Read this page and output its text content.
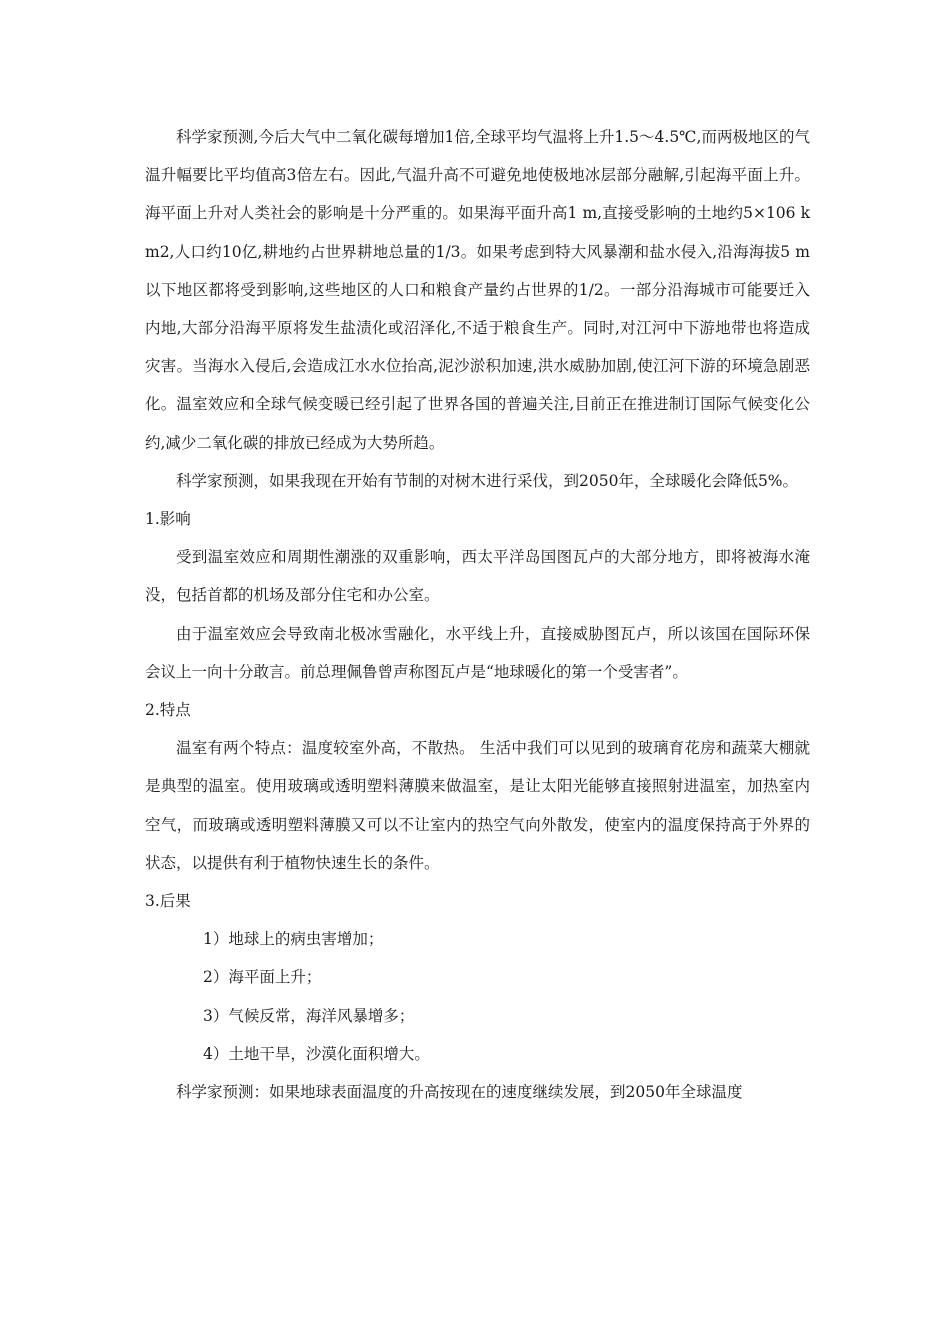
科学家预测,今后大气中二氧化碳每增加1倍,全球平均气温将上升1.5～4.5℃,而两极地区的气温升幅要比平均值高3倍左右。因此,气温升高不可避免地使极地冰层部分融解,引起海平面上升。海平面上升对人类社会的影响是十分严重的。如果海平面升高1 m,直接受影响的土地约5×106 km2,人口约10亿,耕地约占世界耕地总量的1/3。如果考虑到特大风暴潮和盐水侵入,沿海海拔5 m以下地区都将受到影响,这些地区的人口和粮食产量约占世界的1/2。一部分沿海城市可能要迁入内地,大部分沿海平原将发生盐渍化或沼泽化,不适于粮食生产。同时,对江河中下游地带也将造成灾害。当海水入侵后,会造成江水水位抬高,泥沙淤积加速,洪水威胁加剧,使江河下游的环境急剧恶化。温室效应和全球气候变暖已经引起了世界各国的普遍关注,目前正在推进制订国际气候变化公约,减少二氧化碳的排放已经成为大势所趋。

科学家预测，如果我现在开始有节制的对树木进行采伐，到2050年，全球暖化会降低5%。

1.影响

受到温室效应和周期性潮涨的双重影响，西太平洋岛国图瓦卢的大部分地方，即将被海水淹没，包括首都的机场及部分住宅和办公室。

由于温室效应会导致南北极冰雪融化，水平线上升，直接威胁图瓦卢，所以该国在国际环保会议上一向十分敢言。前总理佩鲁曾声称图瓦卢是“地球暖化的第一个受害者”。

2.特点

温室有两个特点：温度较室外高，不散热。 生活中我们可以见到的玻璃育花房和蔬菜大棚就是典型的温室。使用玻璃或透明塑料薄膜来做温室，是让太阳光能够直接照射进温室，加热室内空气，而玻璃或透明塑料薄膜又可以不让室内的热空气向外散发，使室内的温度保持高于外界的状态，以提供有利于植物快速生长的条件。

3.后果

1）地球上的病虫害增加；

2）海平面上升；

3）气候反常，海洋风暴增多；

4）土地干旱，沙漠化面积增大。

科学家预测：如果地球表面温度的升高按现在的速度继续发展，到2050年全球温度
